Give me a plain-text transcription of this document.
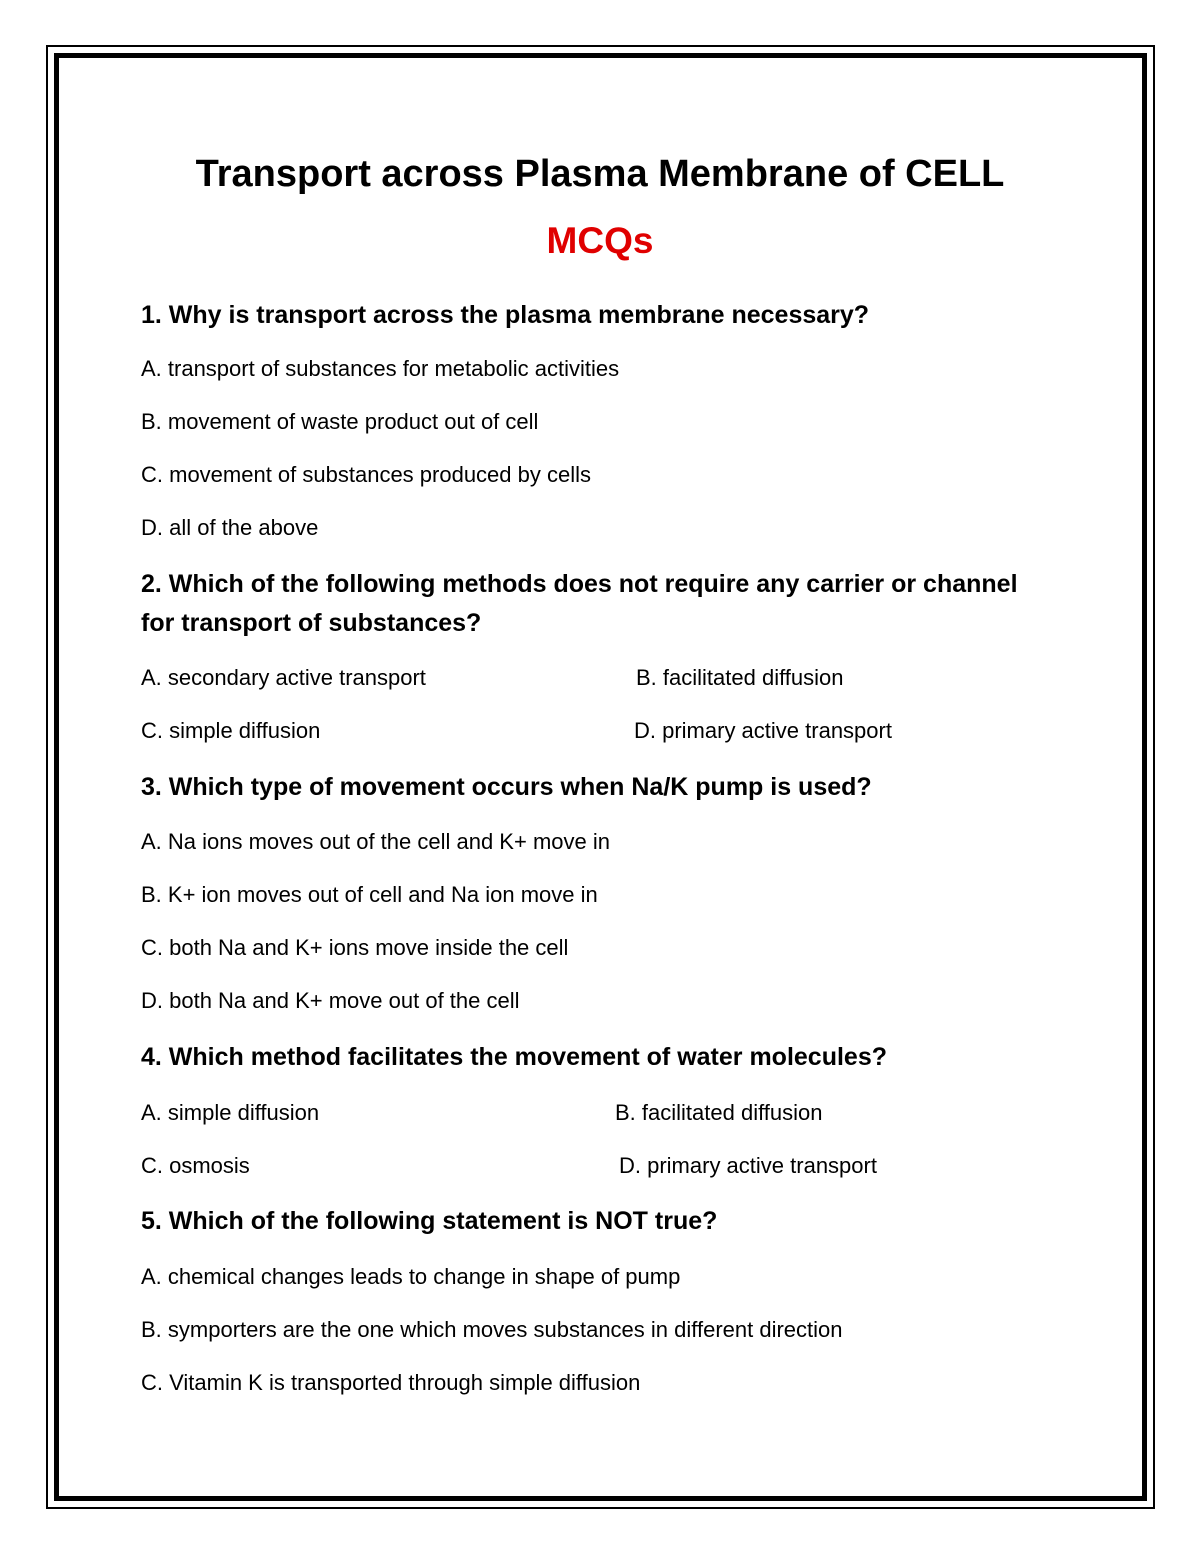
Transport across Plasma Membrane of CELL
MCQs

1. Why is transport across the plasma membrane necessary?

A. transport of substances for metabolic activities

B. movement of waste product out of cell

C. movement of substances produced by cells

D. all of the above

2. Which of the following methods does not require any carrier or channel for transport of substances?

A. secondary active transport	B. facilitated diffusion

C. simple diffusion	D. primary active transport

3. Which type of movement occurs when Na/K pump is used?

A. Na ions moves out of the cell and K+ move in

B. K+ ion moves out of cell and Na ion move in

C. both Na and K+ ions move inside the cell

D. both Na and K+ move out of the cell

4. Which method facilitates the movement of water molecules?

A. simple diffusion	B. facilitated diffusion

C. osmosis	D. primary active transport

5. Which of the following statement is NOT true?

A. chemical changes leads to change in shape of pump

B. symporters are the one which moves substances in different direction

C. Vitamin K is transported through simple diffusion
